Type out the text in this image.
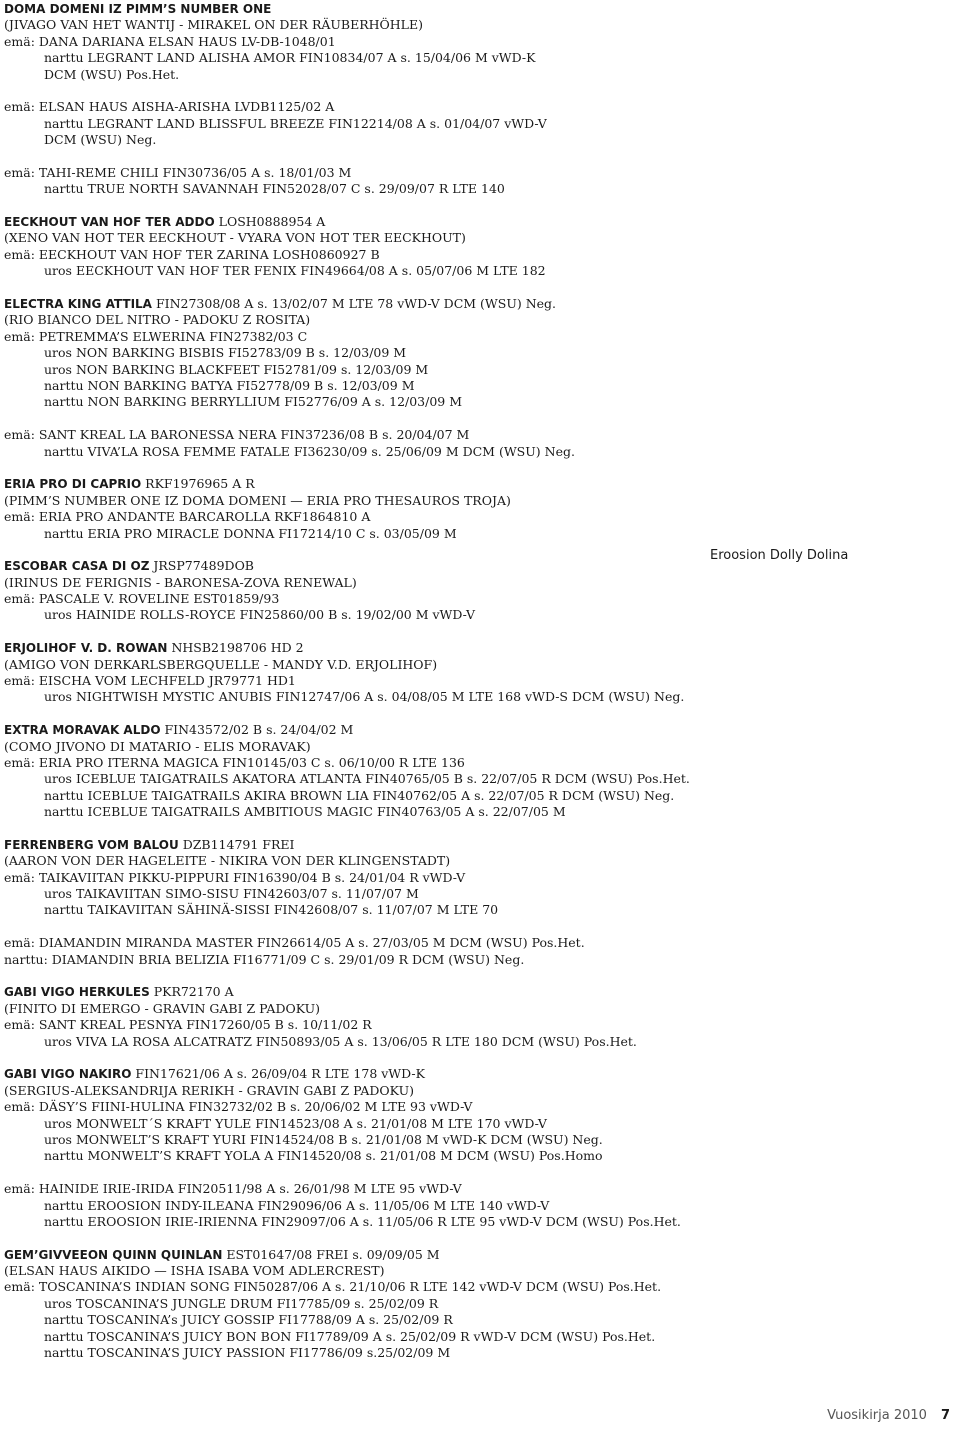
DOMA DOMENI IZ PIMM’S NUMBER ONE
(JIVAGO VAN HET WANTIJ - MIRAKEL ON DER RÄUBERHÖHLE)
emä: DANA DARIANA ELSAN HAUS LV-DB-1048/01
narttu LEGRANT LAND ALISHA AMOR FIN10834/07 A s. 15/04/06 M vWD-K
DCM (WSU) Pos.Het.
emä: ELSAN HAUS AISHA-ARISHA LVDB1125/02 A
narttu LEGRANT LAND BLISSFUL BREEZE FIN12214/08 A s. 01/04/07 vWD-V
DCM (WSU) Neg.
emä: TAHI-REME CHILI FIN30736/05 A s. 18/01/03 M
narttu TRUE NORTH SAVANNAH FIN52028/07 C s. 29/09/07 R LTE 140
EECKHOUT VAN HOF TER ADDO LOSH0888954 A
(XENO VAN HOT TER EECKHOUT - VYARA VON HOT TER EECKHOUT)
emä: EECKHOUT VAN HOF TER ZARINA LOSH0860927 B
uros EECKHOUT VAN HOF TER FENIX FIN49664/08 A s. 05/07/06 M LTE 182
ELECTRA KING ATTILA FIN27308/08 A s. 13/02/07 M LTE 78 vWD-V DCM (WSU) Neg.
(RIO BIANCO DEL NITRO - PADOKU Z ROSITA)
emä: PETREMMA’S ELWERINA FIN27382/03 C
uros NON BARKING BISBIS FI52783/09 B s. 12/03/09 M
uros NON BARKING BLACKFEET FI52781/09 s. 12/03/09 M
narttu NON BARKING BATYA FI52778/09 B s. 12/03/09 M
narttu NON BARKING BERRYLLIUM FI52776/09 A s. 12/03/09 M
emä: SANT KREAL LA BARONESSA NERA FIN37236/08 B s. 20/04/07 M
narttu VIVA’LA ROSA FEMME FATALE FI36230/09 s. 25/06/09 M DCM (WSU) Neg.
ERIA PRO DI CAPRIO RKF1976965 A R
(PIMM’S NUMBER ONE IZ DOMA DOMENI — ERIA PRO THESAUROS TROJA)
emä: ERIA PRO ANDANTE BARCAROLLA RKF1864810 A
narttu ERIA PRO MIRACLE DONNA FI17214/10 C s. 03/05/09 M
ESCOBAR CASA DI OZ JRSP77489DOB
(IRINUS DE FERIGNIS - BARONESA-ZOVA RENEWAL)
emä: PASCALE V. ROVELINE EST01859/93
uros HAINIDE ROLLS-ROYCE FIN25860/00 B s. 19/02/00 M vWD-V
ERJOLIHOF V. D. ROWAN NHSB2198706 HD 2
(AMIGO VON DERKARLSBERGQUELLE - MANDY V.D. ERJOLIHOF)
emä: EISCHA VOM LECHFELD JR79771 HD1
uros NIGHTWISH MYSTIC ANUBIS FIN12747/06 A s. 04/08/05 M LTE 168 vWD-S DCM (WSU) Neg.
EXTRA MORAVAK ALDO FIN43572/02 B s. 24/04/02 M
(COMO JIVONO DI MATARIO - ELIS MORAVAK)
emä: ERIA PRO ITERNA MAGICA FIN10145/03 C s. 06/10/00 R LTE 136
uros ICEBLUE TAIGATRAILS AKATORA ATLANTA FIN40765/05 B s. 22/07/05 R DCM (WSU) Pos.Het.
narttu ICEBLUE TAIGATRAILS AKIRA BROWN LIA FIN40762/05 A s. 22/07/05 R DCM (WSU) Neg.
narttu ICEBLUE TAIGATRAILS AMBITIOUS MAGIC FIN40763/05 A s. 22/07/05 M
FERRENBERG VOM BALOU DZB114791 FREI
(AARON VON DER HAGELEITE - NIKIRA VON DER KLINGENSTADT)
emä: TAIKAVIITAN PIKKU-PIPPURI FIN16390/04 B s. 24/01/04 R vWD-V
uros TAIKAVIITAN SIMO-SISU FIN42603/07 s. 11/07/07 M
narttu TAIKAVIITAN SÄHINÄ-SISSI FIN42608/07 s. 11/07/07 M LTE 70
emä: DIAMANDIN MIRANDA MASTER FIN26614/05 A s. 27/03/05 M DCM (WSU) Pos.Het.
narttu: DIAMANDIN BRIA BELIZIA FI16771/09 C s. 29/01/09 R DCM (WSU) Neg.
GABI VIGO HERKULES PKR72170 A
(FINITO DI EMERGO - GRAVIN GABI Z PADOKU)
emä: SANT KREAL PESNYA FIN17260/05 B s. 10/11/02 R
uros VIVA LA ROSA ALCATRATZ FIN50893/05 A s. 13/06/05 R LTE 180 DCM (WSU) Pos.Het.
GABI VIGO NAKIRO FIN17621/06 A s. 26/09/04 R LTE 178 vWD-K
(SERGIUS-ALEKSANDRIJA RERIKH - GRAVIN GABI Z PADOKU)
emä: DÄSY’S FIINI-HULINA FIN32732/02 B s. 20/06/02 M LTE 93 vWD-V
uros MONWELT´S KRAFT YULE FIN14523/08 A s. 21/01/08 M LTE 170 vWD-V
uros MONWELT’S KRAFT YURI FIN14524/08 B s. 21/01/08 M vWD-K DCM (WSU) Neg.
narttu MONWELT’S KRAFT YOLA A FIN14520/08 s. 21/01/08 M DCM (WSU) Pos.Homo
emä: HAINIDE IRIE-IRIDA FIN20511/98 A s. 26/01/98 M LTE 95 vWD-V
narttu EROOSION INDY-ILEANA FIN29096/06 A s. 11/05/06 M LTE 140 vWD-V
narttu EROOSION IRIE-IRIENNA FIN29097/06 A s. 11/05/06 R LTE 95 vWD-V DCM (WSU) Pos.Het.
GEM’GIVVEEON QUINN QUINLAN EST01647/08 FREI s. 09/09/05 M
(ELSAN HAUS AIKIDO — ISHA ISABA VOM ADLERCREST)
emä: TOSCANINA’S INDIAN SONG FIN50287/06 A s. 21/10/06 R LTE 142 vWD-V DCM (WSU) Pos.Het.
uros TOSCANINA’S JUNGLE DRUM FI17785/09 s. 25/02/09 R
narttu TOSCANINA’s JUICY GOSSIP FI17788/09 A s. 25/02/09 R
narttu TOSCANINA’S JUICY BON BON FI17789/09 A s. 25/02/09 R vWD-V DCM (WSU) Pos.Het.
narttu TOSCANINA’S JUICY PASSION FI17786/09 s.25/02/09 M
Eroosion Dolly Dolina
Vuosikirja 2010 7
